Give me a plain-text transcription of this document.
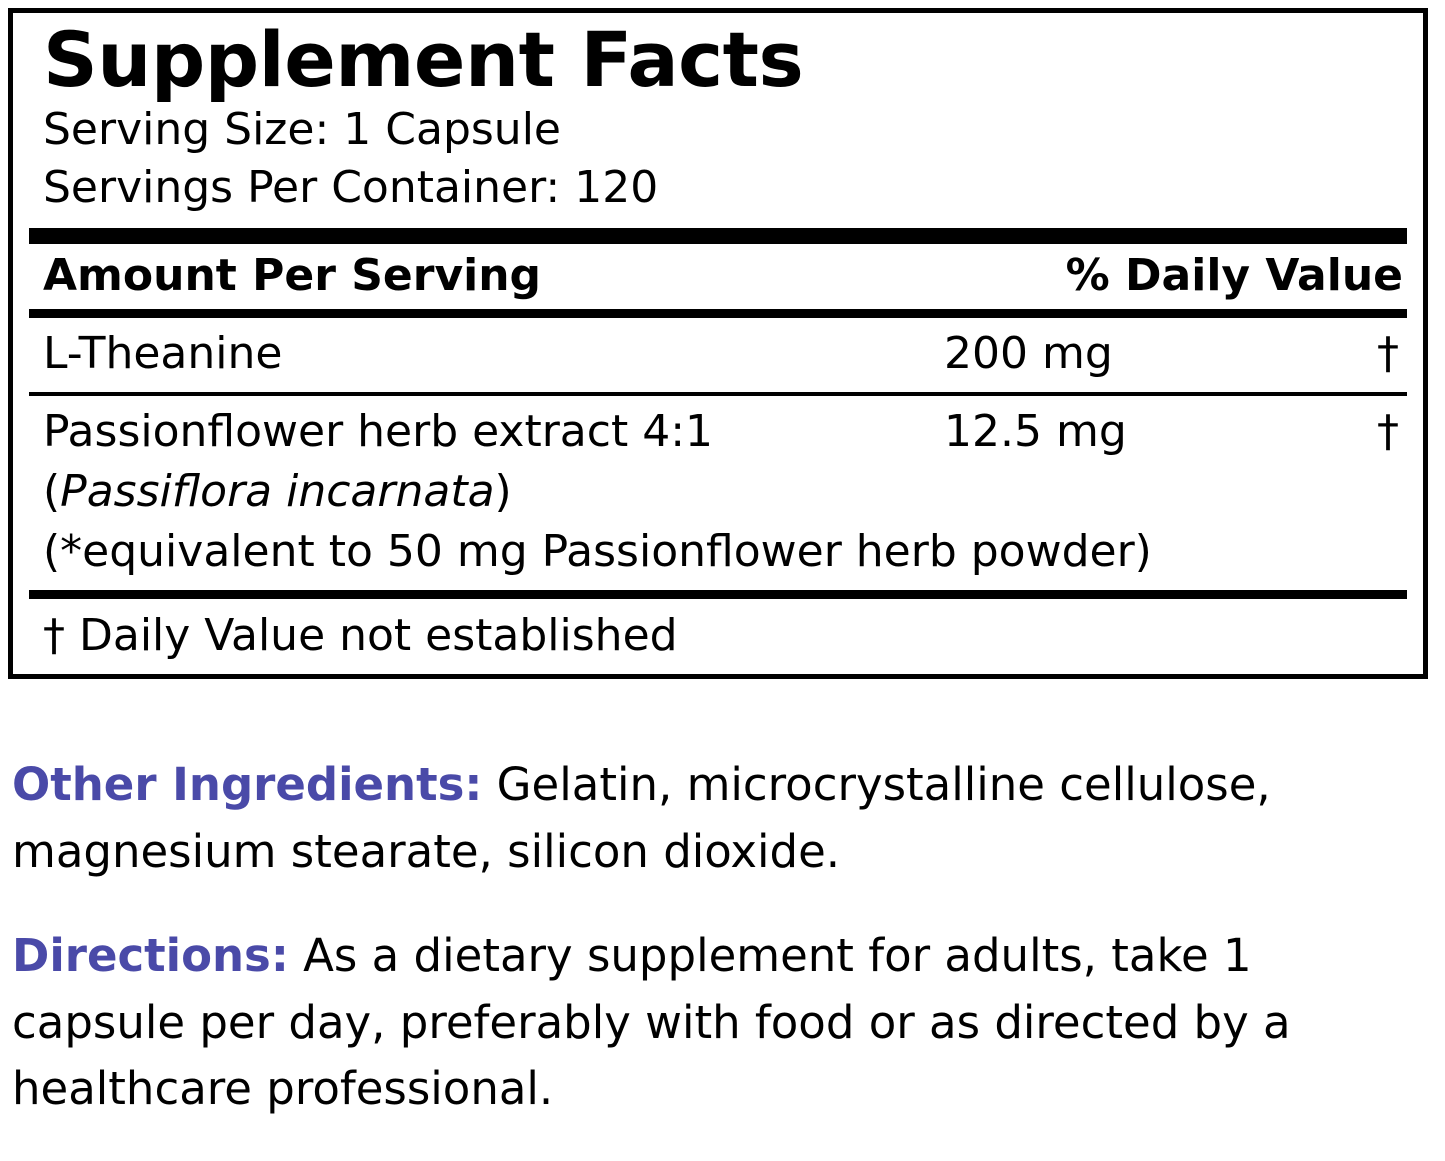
Supplement Facts
Serving Size: 1 Capsule
Servings Per Container: 120
Amount Per Serving	% Daily Value
L-Theanine	200 mg	†
Passionflower herb extract 4:1	12.5 mg	†
(Passiflora incarnata)
(*equivalent to 50 mg Passionflower herb powder)
† Daily Value not established

Other Ingredients: Gelatin, microcrystalline cellulose, magnesium stearate, silicon dioxide.

Directions: As a dietary supplement for adults, take 1 capsule per day, preferably with food or as directed by a healthcare professional.
